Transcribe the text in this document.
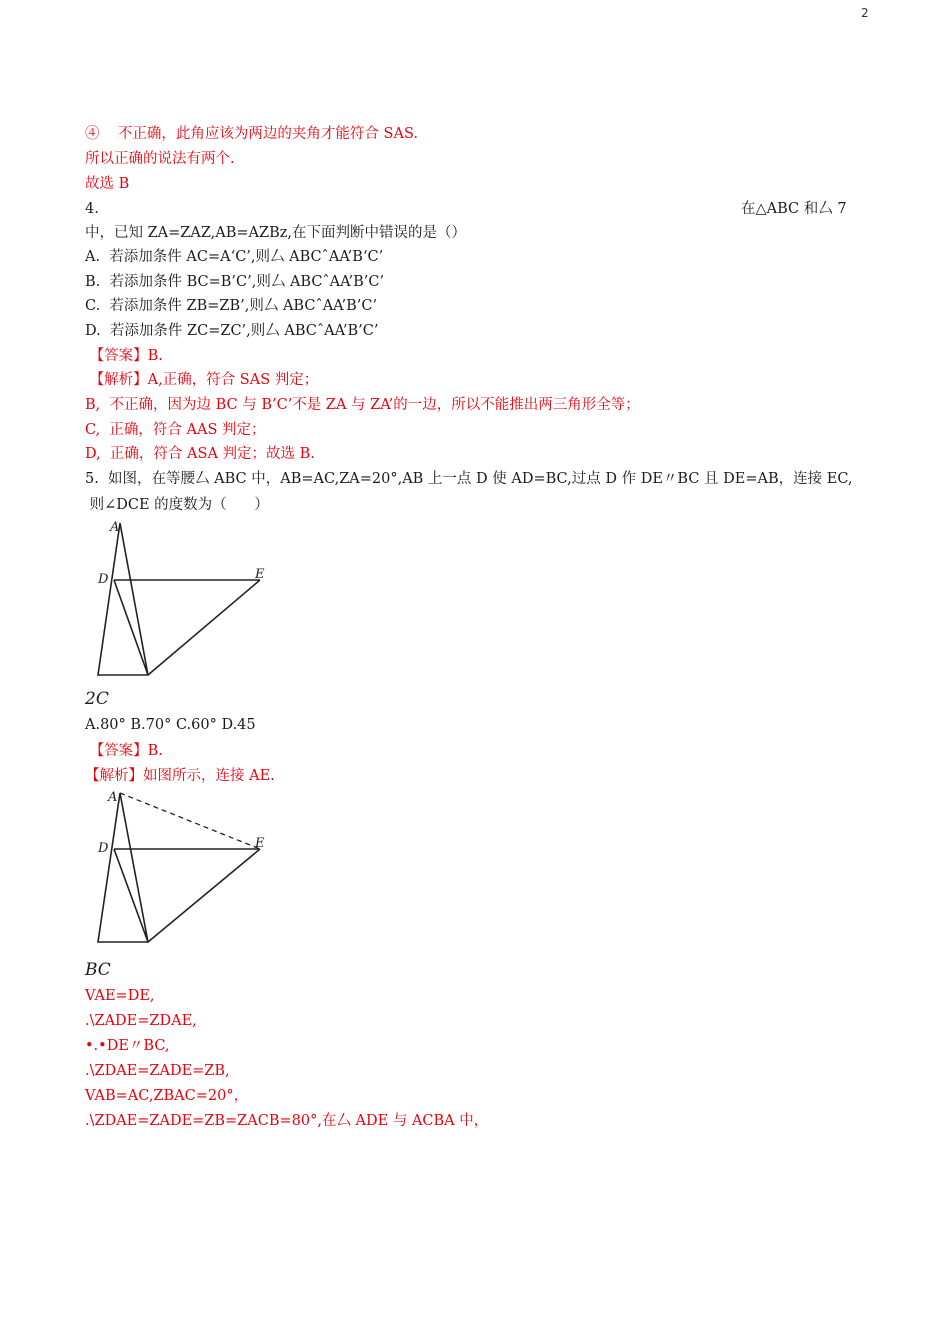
2
④    不正确，此角应该为两边的夹角才能符合 SAS.
所以正确的说法有两个.
故选 B
4.	在△ABC 和厶 7
中，已知 ZA=ZAZ,AB=AZBz,在下面判断中错误的是（）
A.  若添加条件 AC=A‘C’,则厶 ABCˆAA’B‘C’
B.  若添加条件 BC=B’C’,则厶 ABCˆAA’B’C’
C.  若添加条件 ZB=ZB’,则厶 ABCˆAA’B’C’
D.  若添加条件 ZC=ZC’,则厶 ABCˆAA’B’C’
【答案】B.
【解析】A,正确，符合 SAS 判定；
B,  不正确，因为边 BC 与 B’C’不是 ZA 与 ZA’的一边，所以不能推出两三角形全等；
C,  正确，符合 AAS 判定；
D,  正确，符合 ASA 判定；故选 B.
5.  如图，在等腰厶 ABC 中，AB=AC,ZA=20°,AB 上一点 D 使 AD=BC,过点 D 作 DE〃BC 且 DE=AB，连接 EC,
则∠DCE 的度数为（      ）
A
D	E
2C
A.80° B.70° C.60° D.45
【答案】B.
【解析】如图所示，连接 AE.
A
D	E
BC
VAE=DE,
.\ZADE=ZDAE,
•.•DE〃BC,
.\ZDAE=ZADE=ZB,
VAB=AC,ZBAC=20°，
.\ZDAE=ZADE=ZB=ZACB=80°,在厶 ADE 与 ACBA 中，
